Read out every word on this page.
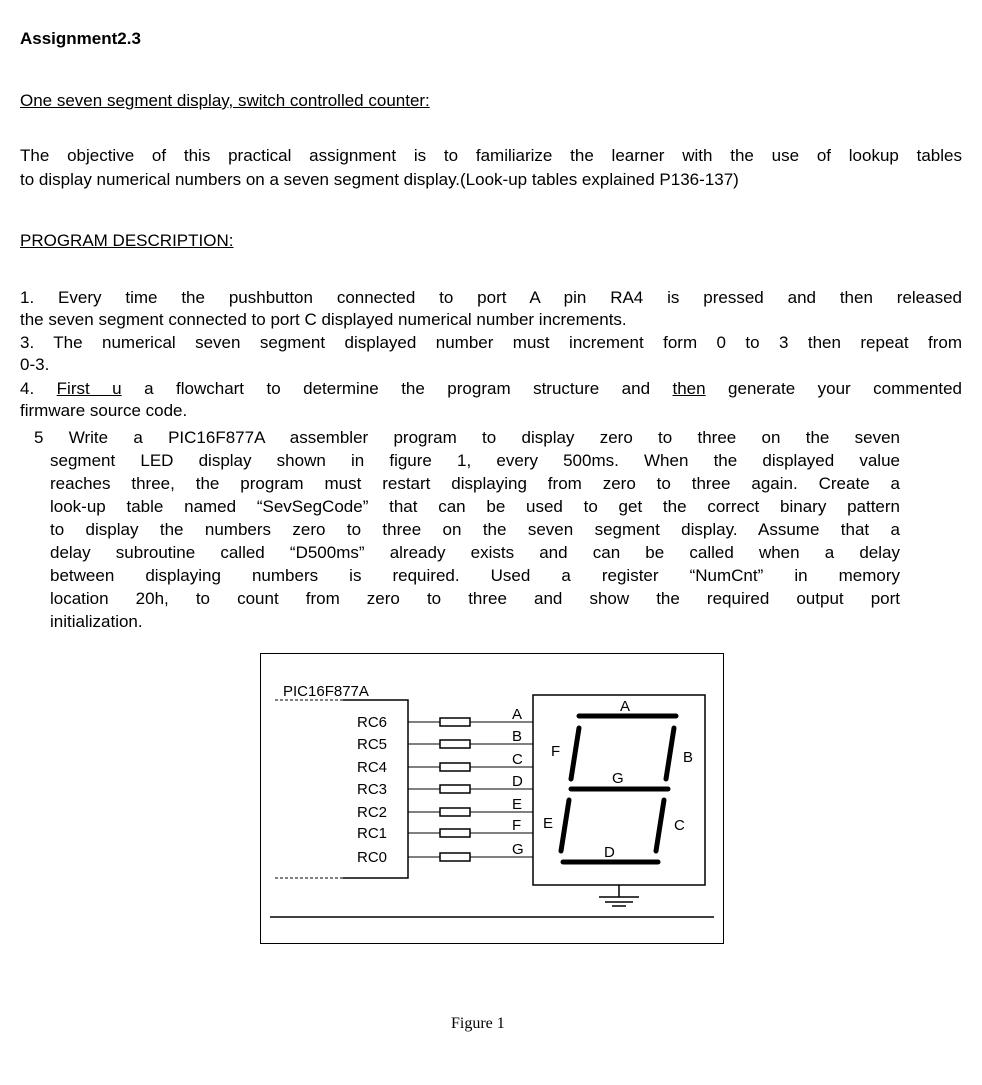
Assignment2.3
One seven segment display, switch controlled counter:
The objective of this practical assignment is to familiarize the learner with the use of lookup tables
to display numerical numbers on a seven segment display.(Look-up tables explained P136-137)
PROGRAM DESCRIPTION:
1. Every time the pushbutton connected to port A pin RA4 is pressed and then released
the seven segment connected to port C displayed numerical number increments.
3. The numerical seven segment displayed number must increment form 0 to 3 then repeat from
0-3.
4. First u a flowchart to determine the program structure and then generate your commented
firmware source code.
5 Write a PIC16F877A assembler program to display zero to three on the seven
segment LED display shown in figure 1, every 500ms. When the displayed value
reaches three, the program must restart displaying from zero to three again. Create a
look-up table named “SevSegCode” that can be used to get the correct binary pattern
to display the numbers zero to three on the seven segment display. Assume that a
delay subroutine called “D500ms” already exists and can be called when a delay
between displaying numbers is required. Used a register “NumCnt” in memory
location 20h, to count from zero to three and show the required output port
initialization.
PIC16F877A
RC6	A
RC5	B
RC4	C
RC3	D
RC2	E
RC1	F
RC0	G
A
B
C
D
E
F
G
Figure 1
